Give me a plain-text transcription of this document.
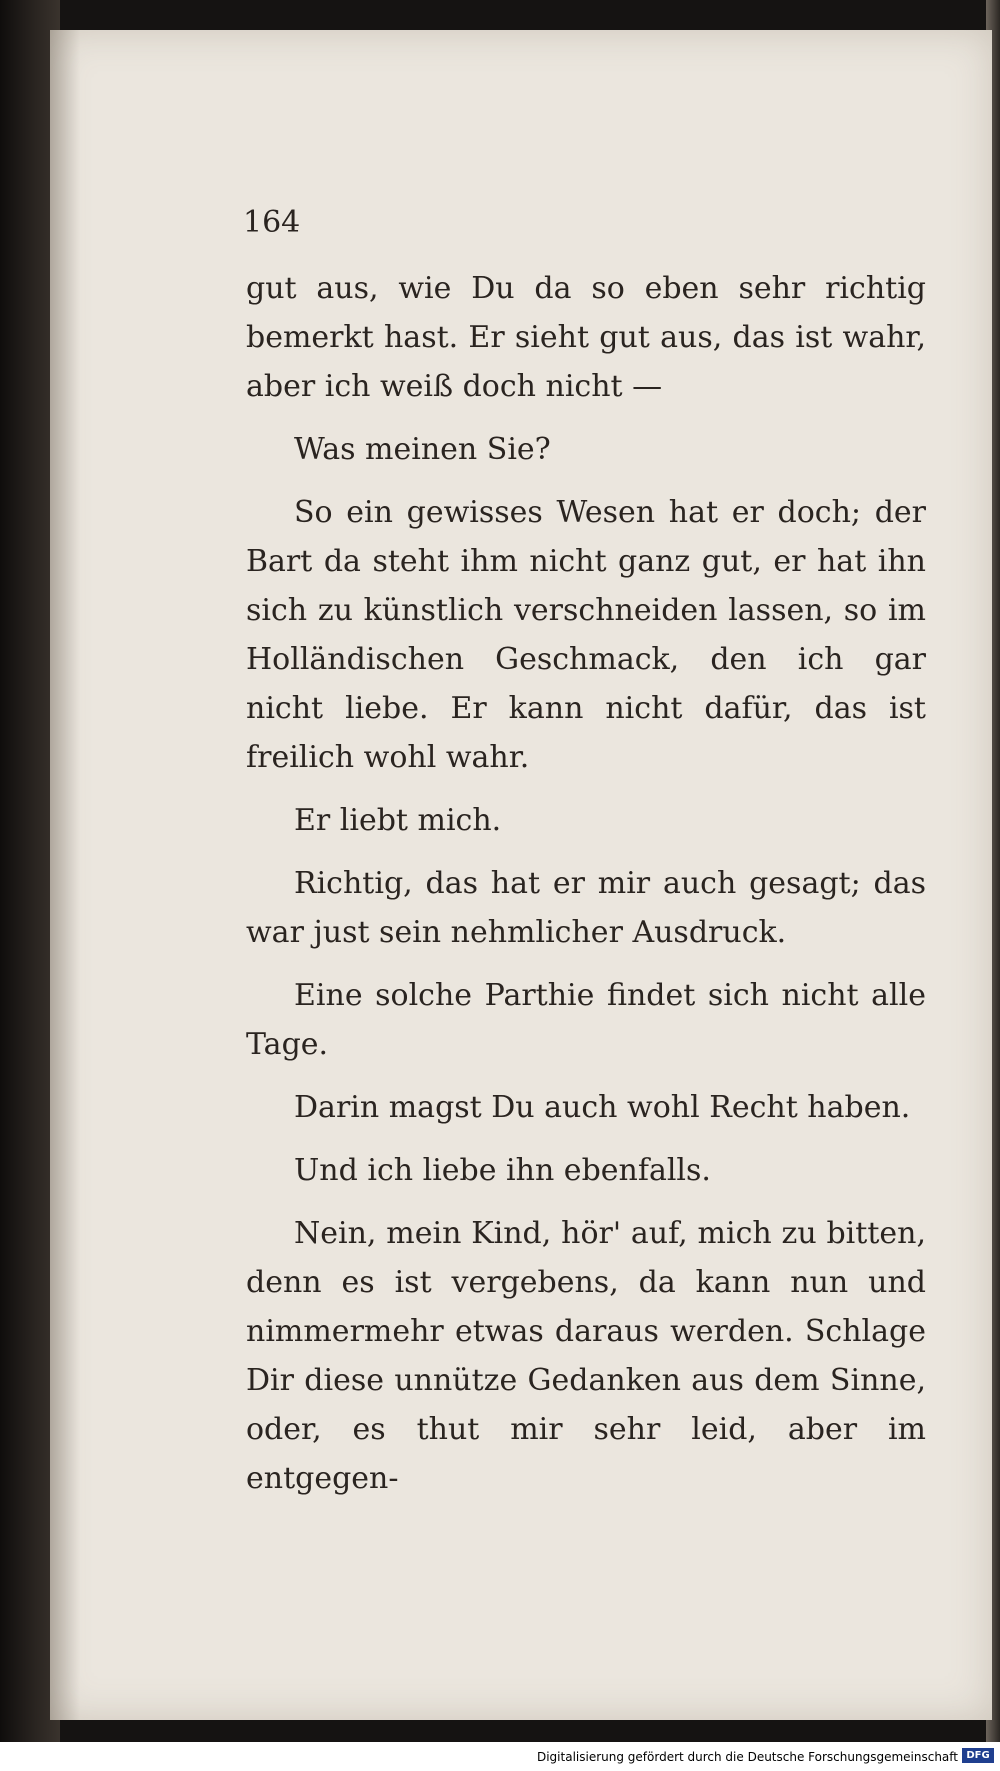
164

gut aus, wie Du da so eben sehr richtig bemerkt hast. Er sieht gut aus, das ist wahr, aber ich weiß doch nicht —

Was meinen Sie?

So ein gewisses Wesen hat er doch; der Bart da steht ihm nicht ganz gut, er hat ihn sich zu künstlich verschneiden lassen, so im Holländischen Geschmack, den ich gar nicht liebe. Er kann nicht dafür, das ist freilich wohl wahr.

Er liebt mich.

Richtig, das hat er mir auch gesagt; das war just sein nehmlicher Ausdruck.

Eine solche Parthie findet sich nicht alle Tage.

Darin magst Du auch wohl Recht haben.

Und ich liebe ihn ebenfalls.

Nein, mein Kind, hör' auf, mich zu bitten, denn es ist vergebens, da kann nun und nimmermehr etwas daraus werden. Schlage Dir diese unnütze Gedanken aus dem Sinne, oder, es thut mir sehr leid, aber im entgegen-

Digitalisierung gefördert durch die Deutsche Forschungsgemeinschaft DFG
